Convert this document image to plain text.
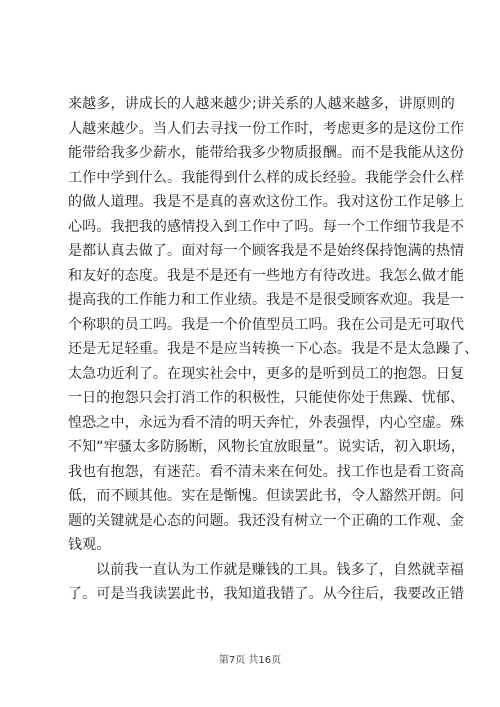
来越多，讲成长的人越来越少;讲关系的人越来越多，讲原则的
人越来越少。当人们去寻找一份工作时，考虑更多的是这份工作
能带给我多少薪水，能带给我多少物质报酬。而不是我能从这份
工作中学到什么。我能得到什么样的成长经验。我能学会什么样
的做人道理。我是不是真的喜欢这份工作。我对这份工作足够上
心吗。我把我的感情投入到工作中了吗。每一个工作细节我是不
是都认真去做了。面对每一个顾客我是不是始终保持饱满的热情
和友好的态度。我是不是还有一些地方有待改进。我怎么做才能
提高我的工作能力和工作业绩。我是不是很受顾客欢迎。我是一
个称职的员工吗。我是一个价值型员工吗。我在公司是无可取代
还是无足轻重。我是不是应当转换一下心态。我是不是太急躁了、
太急功近利了。在现实社会中，更多的是听到员工的抱怨。日复
一日的抱怨只会打消工作的积极性，只能使你处于焦躁、忧郁、
惶恐之中，永远为看不清的明天奔忙，外表强悍，内心空虚。殊
不知“牢骚太多防肠断，风物长宜放眼量”。说实话，初入职场，
我也有抱怨，有迷茫。看不清未来在何处。找工作也是看工资高
低，而不顾其他。实在是惭愧。但读罢此书，令人豁然开朗。问
题的关键就是心态的问题。我还没有树立一个正确的工作观、金
钱观。
以前我一直认为工作就是赚钱的工具。钱多了，自然就幸福
了。可是当我读罢此书，我知道我错了。从今往后，我要改正错
第7页 共16页
